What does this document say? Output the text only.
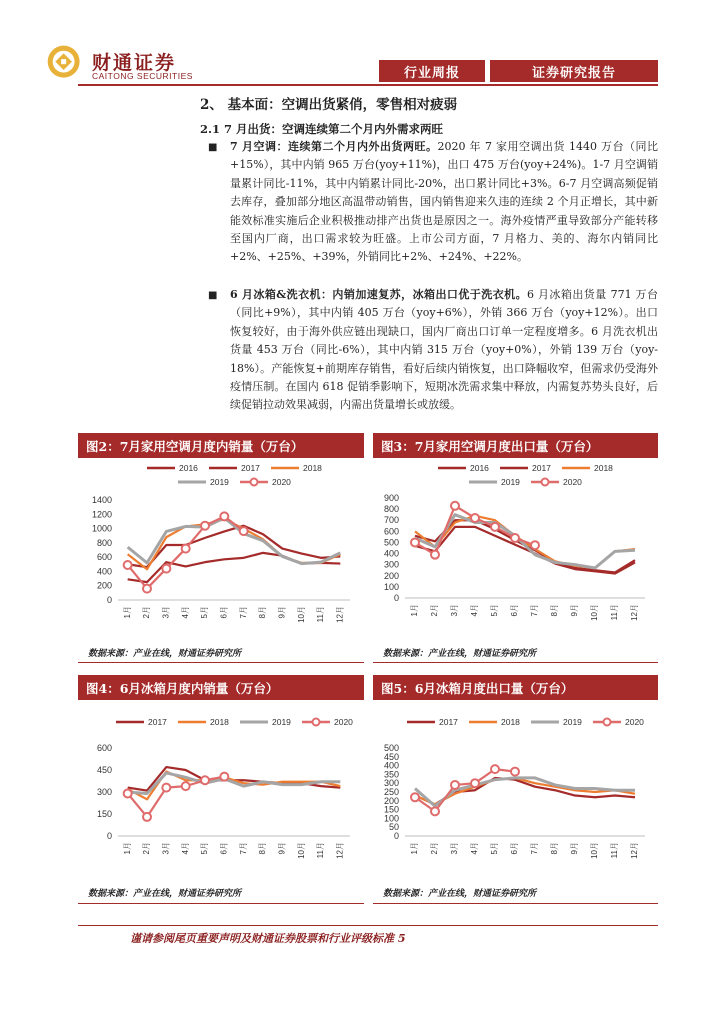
财通证券
CAITONG SECURITIES	行业周报	证券研究报告
2、 基本面：空调出货紧俏，零售相对疲弱
2.1 7 月出货：空调连续第二个月内外需求两旺
■ 7 月空调：连续第二个月内外出货两旺。2020 年 7 家用空调出货 1440 万台（同比+15%），其中内销 965 万台(yoy+11%)，出口 475 万台(yoy+24%)。1-7 月空调销量累计同比-11%，其中内销累计同比-20%，出口累计同比+3%。6-7 月空调高频促销去库存，叠加部分地区高温带动销售，国内销售迎来久违的连续 2 个月正增长，其中新能效标准实施后企业积极推动排产出货也是原因之一。海外疫情严重导致部分产能转移至国内厂商，出口需求较为旺盛。上市公司方面，7 月格力、美的、海尔内销同比+2%、+25%、+39%，外销同比+2%、+24%、+22%。
■ 6 月冰箱&洗衣机：内销加速复苏，冰箱出口优于洗衣机。6 月冰箱出货量 771 万台（同比+9%），其中内销 405 万台（yoy+6%），外销 366 万台（yoy+12%）。出口恢复较好，由于海外供应链出现缺口，国内厂商出口订单一定程度增多。6 月洗衣机出货量 453 万台（同比-6%），其中内销 315 万台（yoy+0%），外销 139 万台（yoy-18%）。产能恢复+前期库存销售，看好后续内销恢复，出口降幅收窄，但需求仍受海外疫情压制。在国内 618 促销季影响下，短期冰洗需求集中释放，内需复苏势头良好，后续促销拉动效果减弱，内需出货量增长或放缓。
图2：7月家用空调月度内销量（万台）	图3：7月家用空调月度出口量（万台）
图4：6月冰箱月度内销量（万台）	图5：6月冰箱月度出口量（万台）
0
200
400
600
800
1000
1200
1400
1月 2月 3月 4月 5月 6月 7月 8月 9月 10月 11月 12月
2016	2017	2018
2019	2020
0
100
200
300
400
500
600
700
800
900
1月 2月 3月 4月 5月 6月 7月 8月 9月 10月 11月 12月
2016	2017	2018
2019	2020
0
150
300
450
600
1月 2月 3月 4月 5月 6月 7月 8月 9月 10月 11月 12月
2017	2018	2019	2020
0
50
100
150
200
250
300
350
400
450
500
1月 2月 3月 4月 5月 6月 7月 8月 9月 10月 11月 12月
2017	2018	2019	2020
数据来源：产业在线，财通证券研究所	数据来源：产业在线，财通证券研究所
数据来源：产业在线，财通证券研究所	数据来源：产业在线，财通证券研究所
谨请参阅尾页重要声明及财通证券股票和行业评级标准 5
